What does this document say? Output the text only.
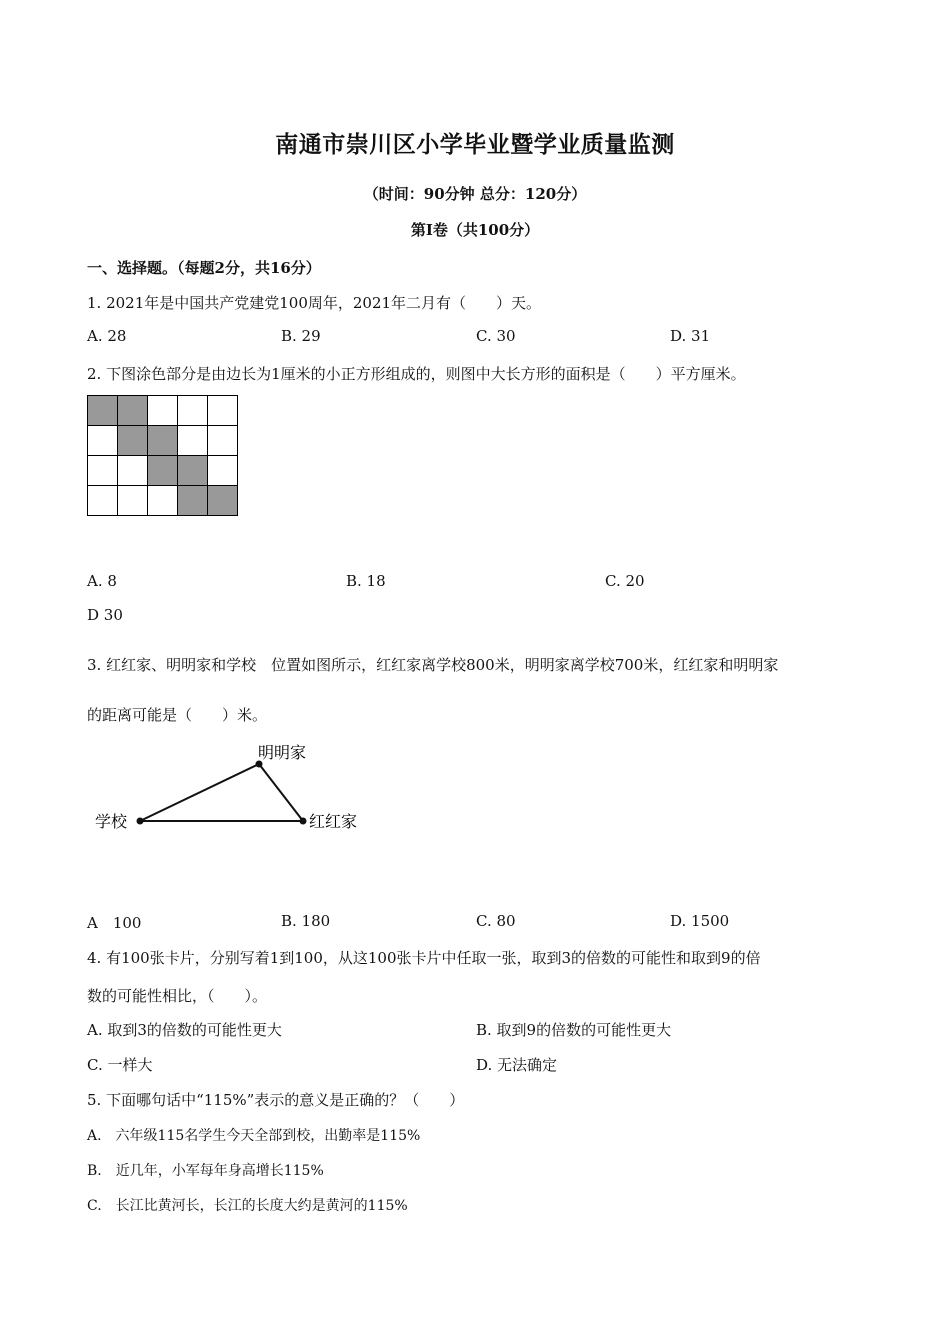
南通市崇川区小学毕业暨学业质量监测
（时间：90分钟 总分：120分）
第Ⅰ卷（共100分）
一、选择题。（每题2分，共16分）
1. 2021年是中国共产党建党100周年，2021年二月有（　　）天。
A. 28	B. 29	C. 30	D. 31
2. 下图涂色部分是由边长为1厘米的小正方形组成的，则图中大长方形的面积是（　　）平方厘米。
A. 8	B. 18	C. 20
D 30
3. 红红家、明明家和学校　位置如图所示，红红家离学校800米，明明家离学校700米，红红家和明明家
的距离可能是（　　）米。
学校
明明家
红红家
A　100	B. 180	C. 80	D. 1500
4. 有100张卡片，分别写着1到100，从这100张卡片中任取一张，取到3的倍数的可能性和取到9的倍
数的可能性相比，（　　）。
A. 取到3的倍数的可能性更大	B. 取到9的倍数的可能性更大
C. 一样大	D. 无法确定
5. 下面哪句话中“115%”表示的意义是正确的？（　　）
A.　六年级115名学生今天全部到校，出勤率是115%
B.　近几年，小军每年身高增长115%
C.　长江比黄河长，长江的长度大约是黄河的115%
